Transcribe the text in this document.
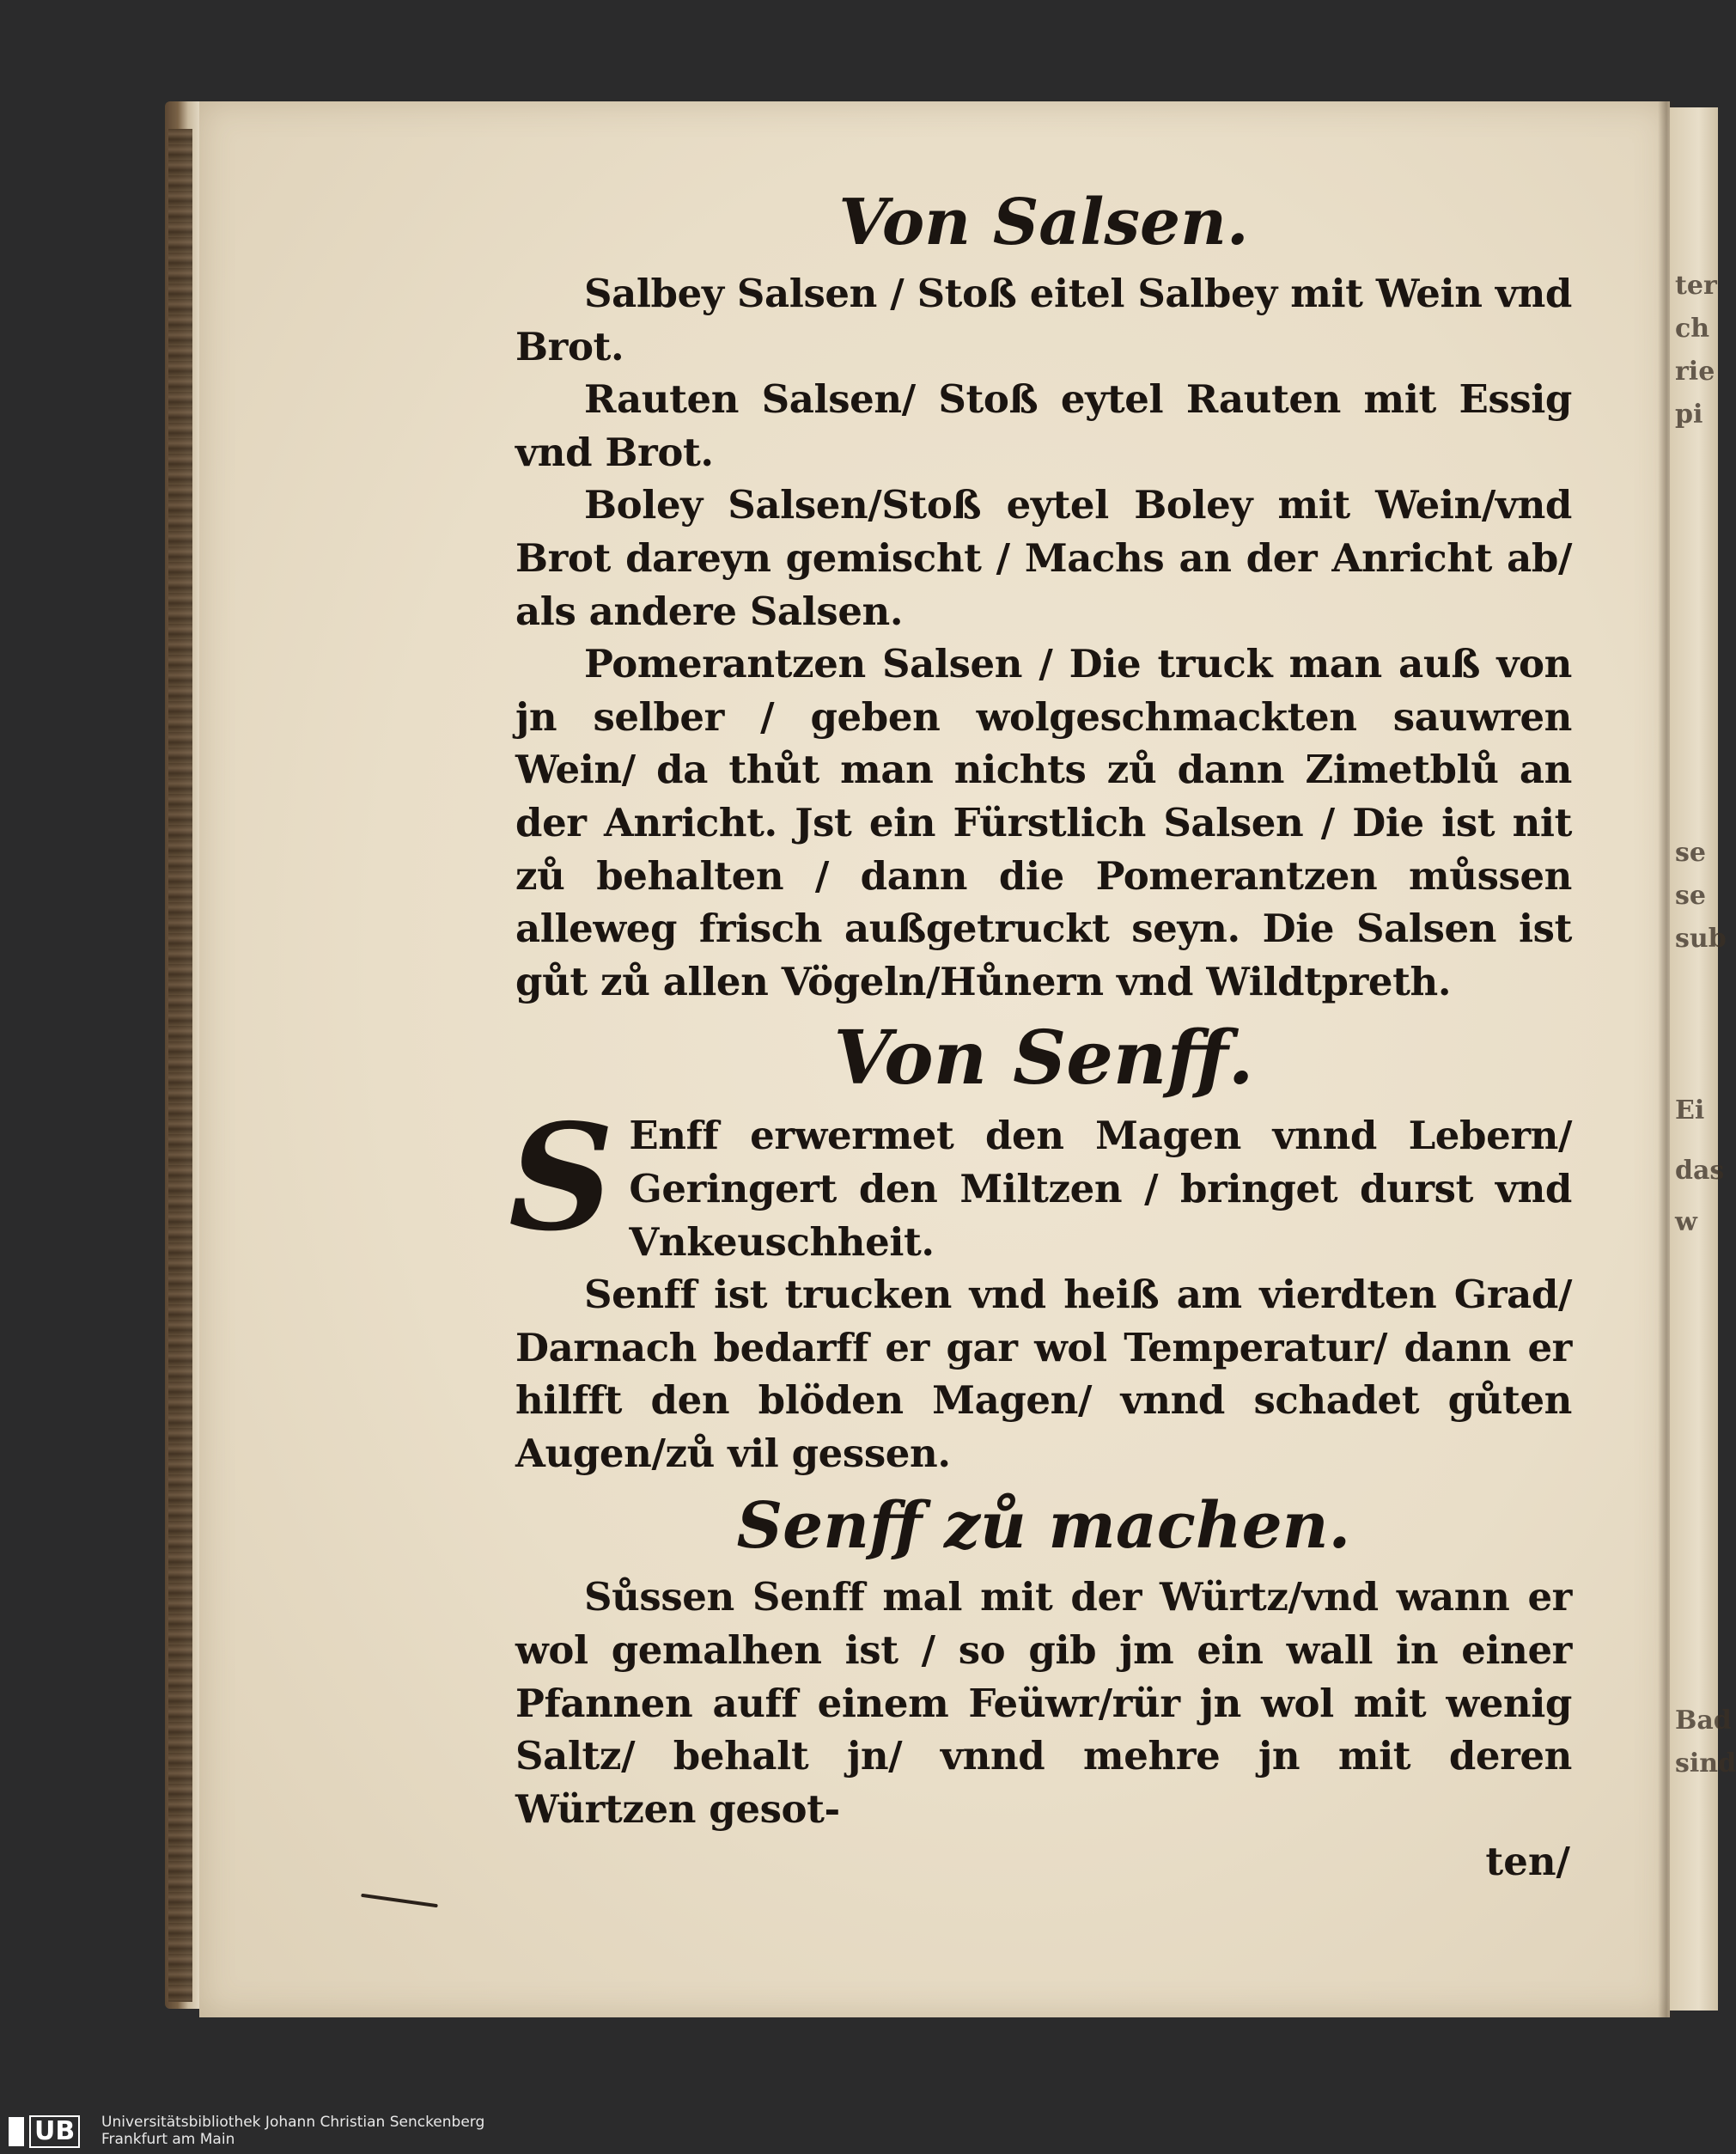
ter
ch
rie
pi
se
se
sub
Ei
das
w
Bad
sind
Von Salsen.

Salbey Salsen / Stoß eitel Salbey mit Wein vnd Brot.

Rauten Salsen/ Stoß eytel Rauten mit Essig vnd Brot.

Boley Salsen/Stoß eytel Boley mit Wein/vnd Brot dareyn gemischt / Machs an der Anricht ab/ als andere Salsen.

Pomerantzen Salsen / Die truck man auß von jn selber / geben wolgeschmackten sauwren Wein/ da thůt man nichts zů dann Zimetblů an der Anricht. Jst ein Fürstlich Salsen / Die ist nit zů behalten / dann die Pomerantzen můssen alleweg frisch außgetruckt seyn. Die Salsen ist gůt zů allen Vögeln/Hůnern vnd Wildtpreth.

Von Senff.

S Enff erwermet den Magen vnnd Lebern/ Geringert den Miltzen / bringet durst vnd Vnkeuschheit.

Senff ist trucken vnd heiß am vierdten Grad/ Darnach bedarff er gar wol Temperatur/ dann er hilfft den blöden Magen/ vnnd schadet gůten Augen/zů vil gessen.

Senff zů machen.

Sůssen Senff mal mit der Würtz/vnd wann er wol gemalhen ist / so gib jm ein wall in einer Pfannen auff einem Feüwr/rür jn wol mit wenig Saltz/ behalt jn/ vnnd mehre jn mit deren Würtzen gesot-

ten/
UB	Universitätsbibliothek Johann Christian Senckenberg
Frankfurt am Main
